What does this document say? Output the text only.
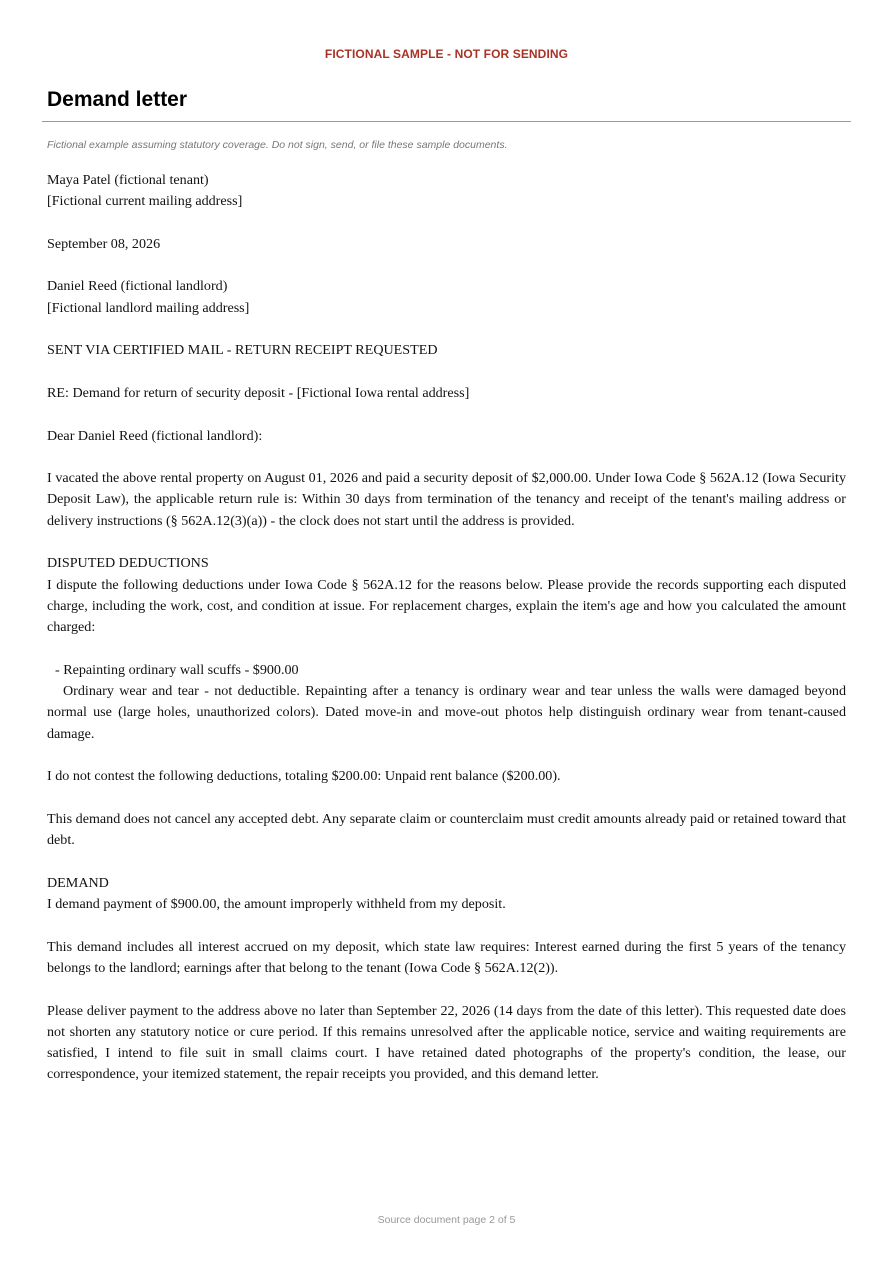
FICTIONAL SAMPLE - NOT FOR SENDING
Demand letter
Fictional example assuming statutory coverage. Do not sign, send, or file these sample documents.

Maya Patel (fictional tenant)

[Fictional current mailing address]

September 08, 2026

Daniel Reed (fictional landlord)

[Fictional landlord mailing address]

SENT VIA CERTIFIED MAIL - RETURN RECEIPT REQUESTED

RE: Demand for return of security deposit - [Fictional Iowa rental address]

Dear Daniel Reed (fictional landlord):

I vacated the above rental property on August 01, 2026 and paid a security deposit of $2,000.00. Under Iowa Code § 562A.12 (Iowa Security Deposit Law), the applicable return rule is: Within 30 days from termination of the tenancy and receipt of the tenant's mailing address or delivery instructions (§ 562A.12(3)(a)) - the clock does not start until the address is provided.

DISPUTED DEDUCTIONS

I dispute the following deductions under Iowa Code § 562A.12 for the reasons below. Please provide the records supporting each disputed charge, including the work, cost, and condition at issue. For replacement charges, explain the item's age and how you calculated the amount charged:

- Repainting ordinary wall scuffs - $900.00

Ordinary wear and tear - not deductible. Repainting after a tenancy is ordinary wear and tear unless the walls were damaged beyond normal use (large holes, unauthorized colors). Dated move-in and move-out photos help distinguish ordinary wear from tenant-caused damage.

I do not contest the following deductions, totaling $200.00: Unpaid rent balance ($200.00).

This demand does not cancel any accepted debt. Any separate claim or counterclaim must credit amounts already paid or retained toward that debt.

DEMAND

I demand payment of $900.00, the amount improperly withheld from my deposit.

This demand includes all interest accrued on my deposit, which state law requires: Interest earned during the first 5 years of the tenancy belongs to the landlord; earnings after that belong to the tenant (Iowa Code § 562A.12(2)).

Please deliver payment to the address above no later than September 22, 2026 (14 days from the date of this letter). This requested date does not shorten any statutory notice or cure period. If this remains unresolved after the applicable notice, service and waiting requirements are satisfied, I intend to file suit in small claims court. I have retained dated photographs of the property's condition, the lease, our correspondence, your itemized statement, the repair receipts you provided, and this demand letter.

Source document page 2 of 5
